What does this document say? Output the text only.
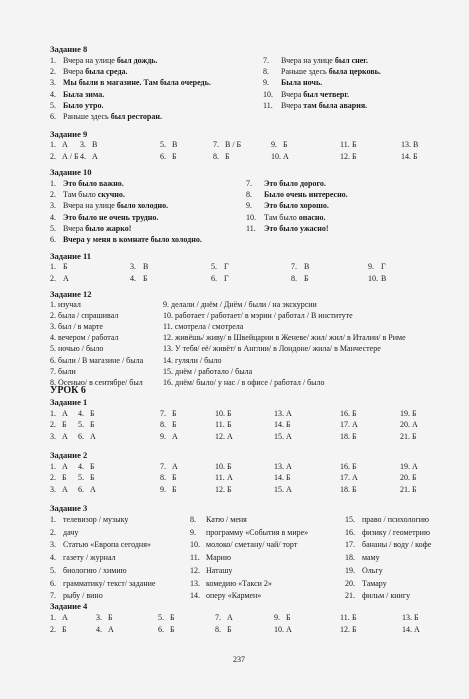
Задание 8
1. Вчера на улице был дождь.
2. Вчера была среда.
3. Мы были в магазине. Там была очередь.
4. Была зима.
5. Было утро.
6. Раньше здесь был ресторан.
7. Вчера на улице был снег.
8. Раньше здесь была церковь.
9. Была ночь.
10. Вчера был четверг.
11. Вчера там была авария.
Задание 9
1. А 3. В	5. В	7. В / Б	9. Б	11. Б	13. В
2. А / Б 4. А	6. Б	8. Б	10. А	12. Б	14. Б
Задание 10
1. Это было важно.
2. Там было скучно.
3. Вчера на улице было холодно.
4. Это было не очень трудно.
5. Вчера было жарко!
6. Вчера у меня в комнате было холодно.
7. Это было дорого.
8. Было очень интересно.
9. Это было хорошо.
10. Там было опасно.
11. Это было ужасно!
Задание 11
1. Б	3. В	5. Г	7. В	9. Г
2. А	4. Б	6. Г	8. Б	10. В
Задание 12
1. изучал
2. была / спрашивал
3. был / в марте
4. вечером / работал
5. ночью / было
6. были / В магазине / была
7. были
8. Осенью/ в сентябре/ был
9. делали / днём / Днём / были / на экскурсии
10. работает / работает/ в мэрии / работал / В институте
11. смотрела / смотрела
12. живёшь/ живу/ в Швейцарии в Женеве/ жил/ жил/ в Италии/ в Риме
13. У тебя/ её/ живёт/ в Англии/ в Лондоне/ жила/ в Манчестере
14. гуляли / было
15. днём / работало / была
16. днём/ было/ у нас / в офисе / работал / было
УРОК 6
Задание 1
1. А 4. Б	7. Б	10. Б	13. А	16. Б	19. Б
2. Б 5. Б	8. Б	11. Б	14. Б	17. А	20. А
3. А 6. А	9. А	12. А	15. А	18. Б	21. Б
Задание 2
1. А 4. Б	7. А	10. Б	13. А	16. Б	19. А
2. Б 5. Б	8. Б	11. А	14. Б	17. А	20. Б
3. А 6. А	9. Б	12. Б	15. А	18. Б	21. Б
Задание 3
1. телевизор / музыку
2. дачу
3. Статью «Европа сегодня»
4. газету / журнал
5. биологию / химию
6. грамматику/ текст/ задание
7. рыбу / вино
8. Катю / меня
9. программу «События в мире»
10. молоко/ сметану/ чай/ торт
11. Марию
12. Наташу
13. комедию «Такси 2»
14. оперу «Кармен»
15. право / психологию
16. физику / геометрию
17. бананы / воду / кофе
18. маму
19. Ольгу
20. Тамару
21. фильм / книгу
Задание 4
1. А	3. Б	5. Б	7. А	9. Б	11. Б	13. Б
2. Б	4. А	6. Б	8. Б	10. А	12. Б	14. А
237
